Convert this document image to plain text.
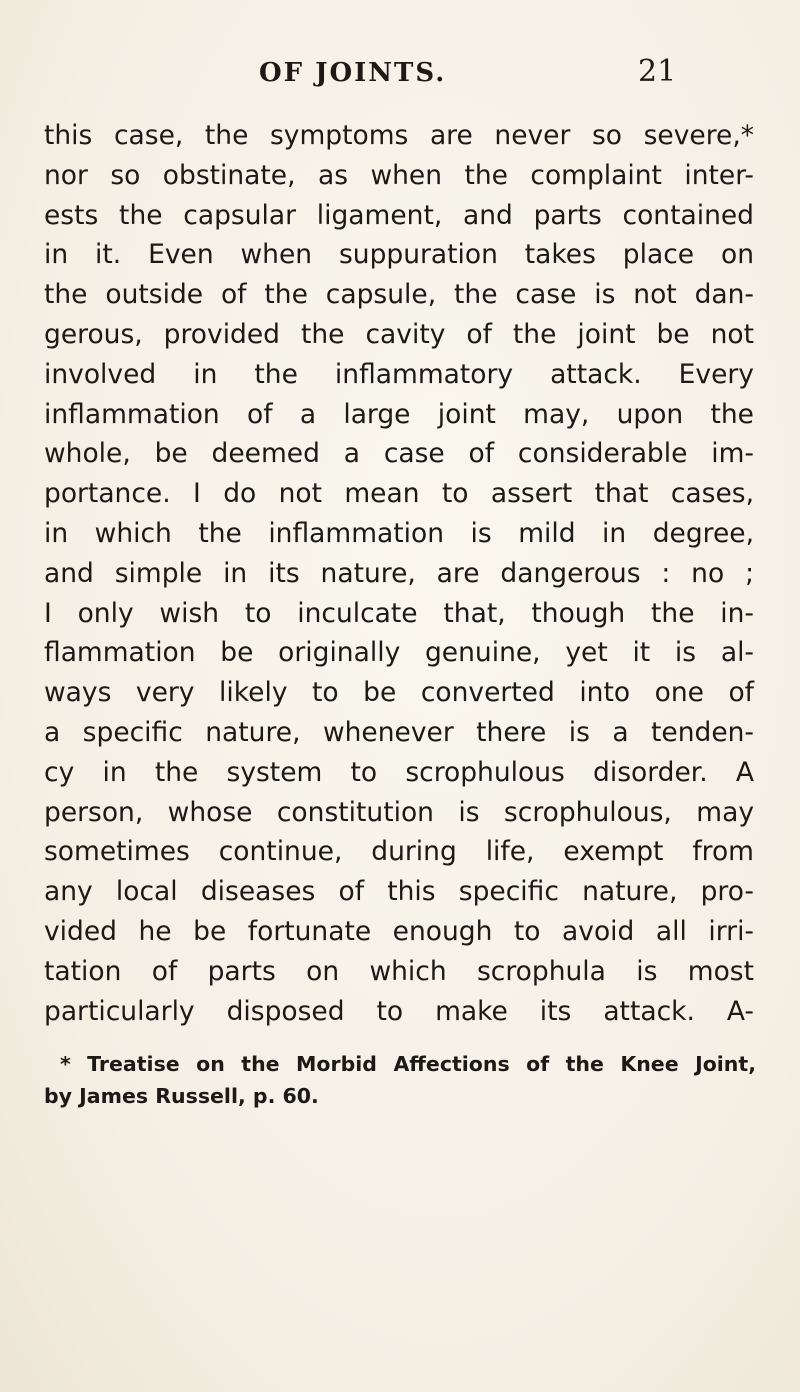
OF JOINTS.	21
this case, the symptoms are never so severe,*
nor so obstinate, as when the complaint inter-
ests the capsular ligament, and parts contained
in it. Even when suppuration takes place on
the outside of the capsule, the case is not dan-
gerous, provided the cavity of the joint be not
involved in the inflammatory attack. Every
inflammation of a large joint may, upon the
whole, be deemed a case of considerable im-
portance. I do not mean to assert that cases,
in which the inflammation is mild in degree,
and simple in its nature, are dangerous : no ;
I only wish to inculcate that, though the in-
flammation be originally genuine, yet it is al-
ways very likely to be converted into one of
a specific nature, whenever there is a tenden-
cy in the system to scrophulous disorder. A
person, whose constitution is scrophulous, may
sometimes continue, during life, exempt from
any local diseases of this specific nature, pro-
vided he be fortunate enough to avoid all irri-
tation of parts on which scrophula is most
particularly disposed to make its attack. A-
* Treatise on the Morbid Affections of the Knee Joint,
by James Russell, p. 60.
